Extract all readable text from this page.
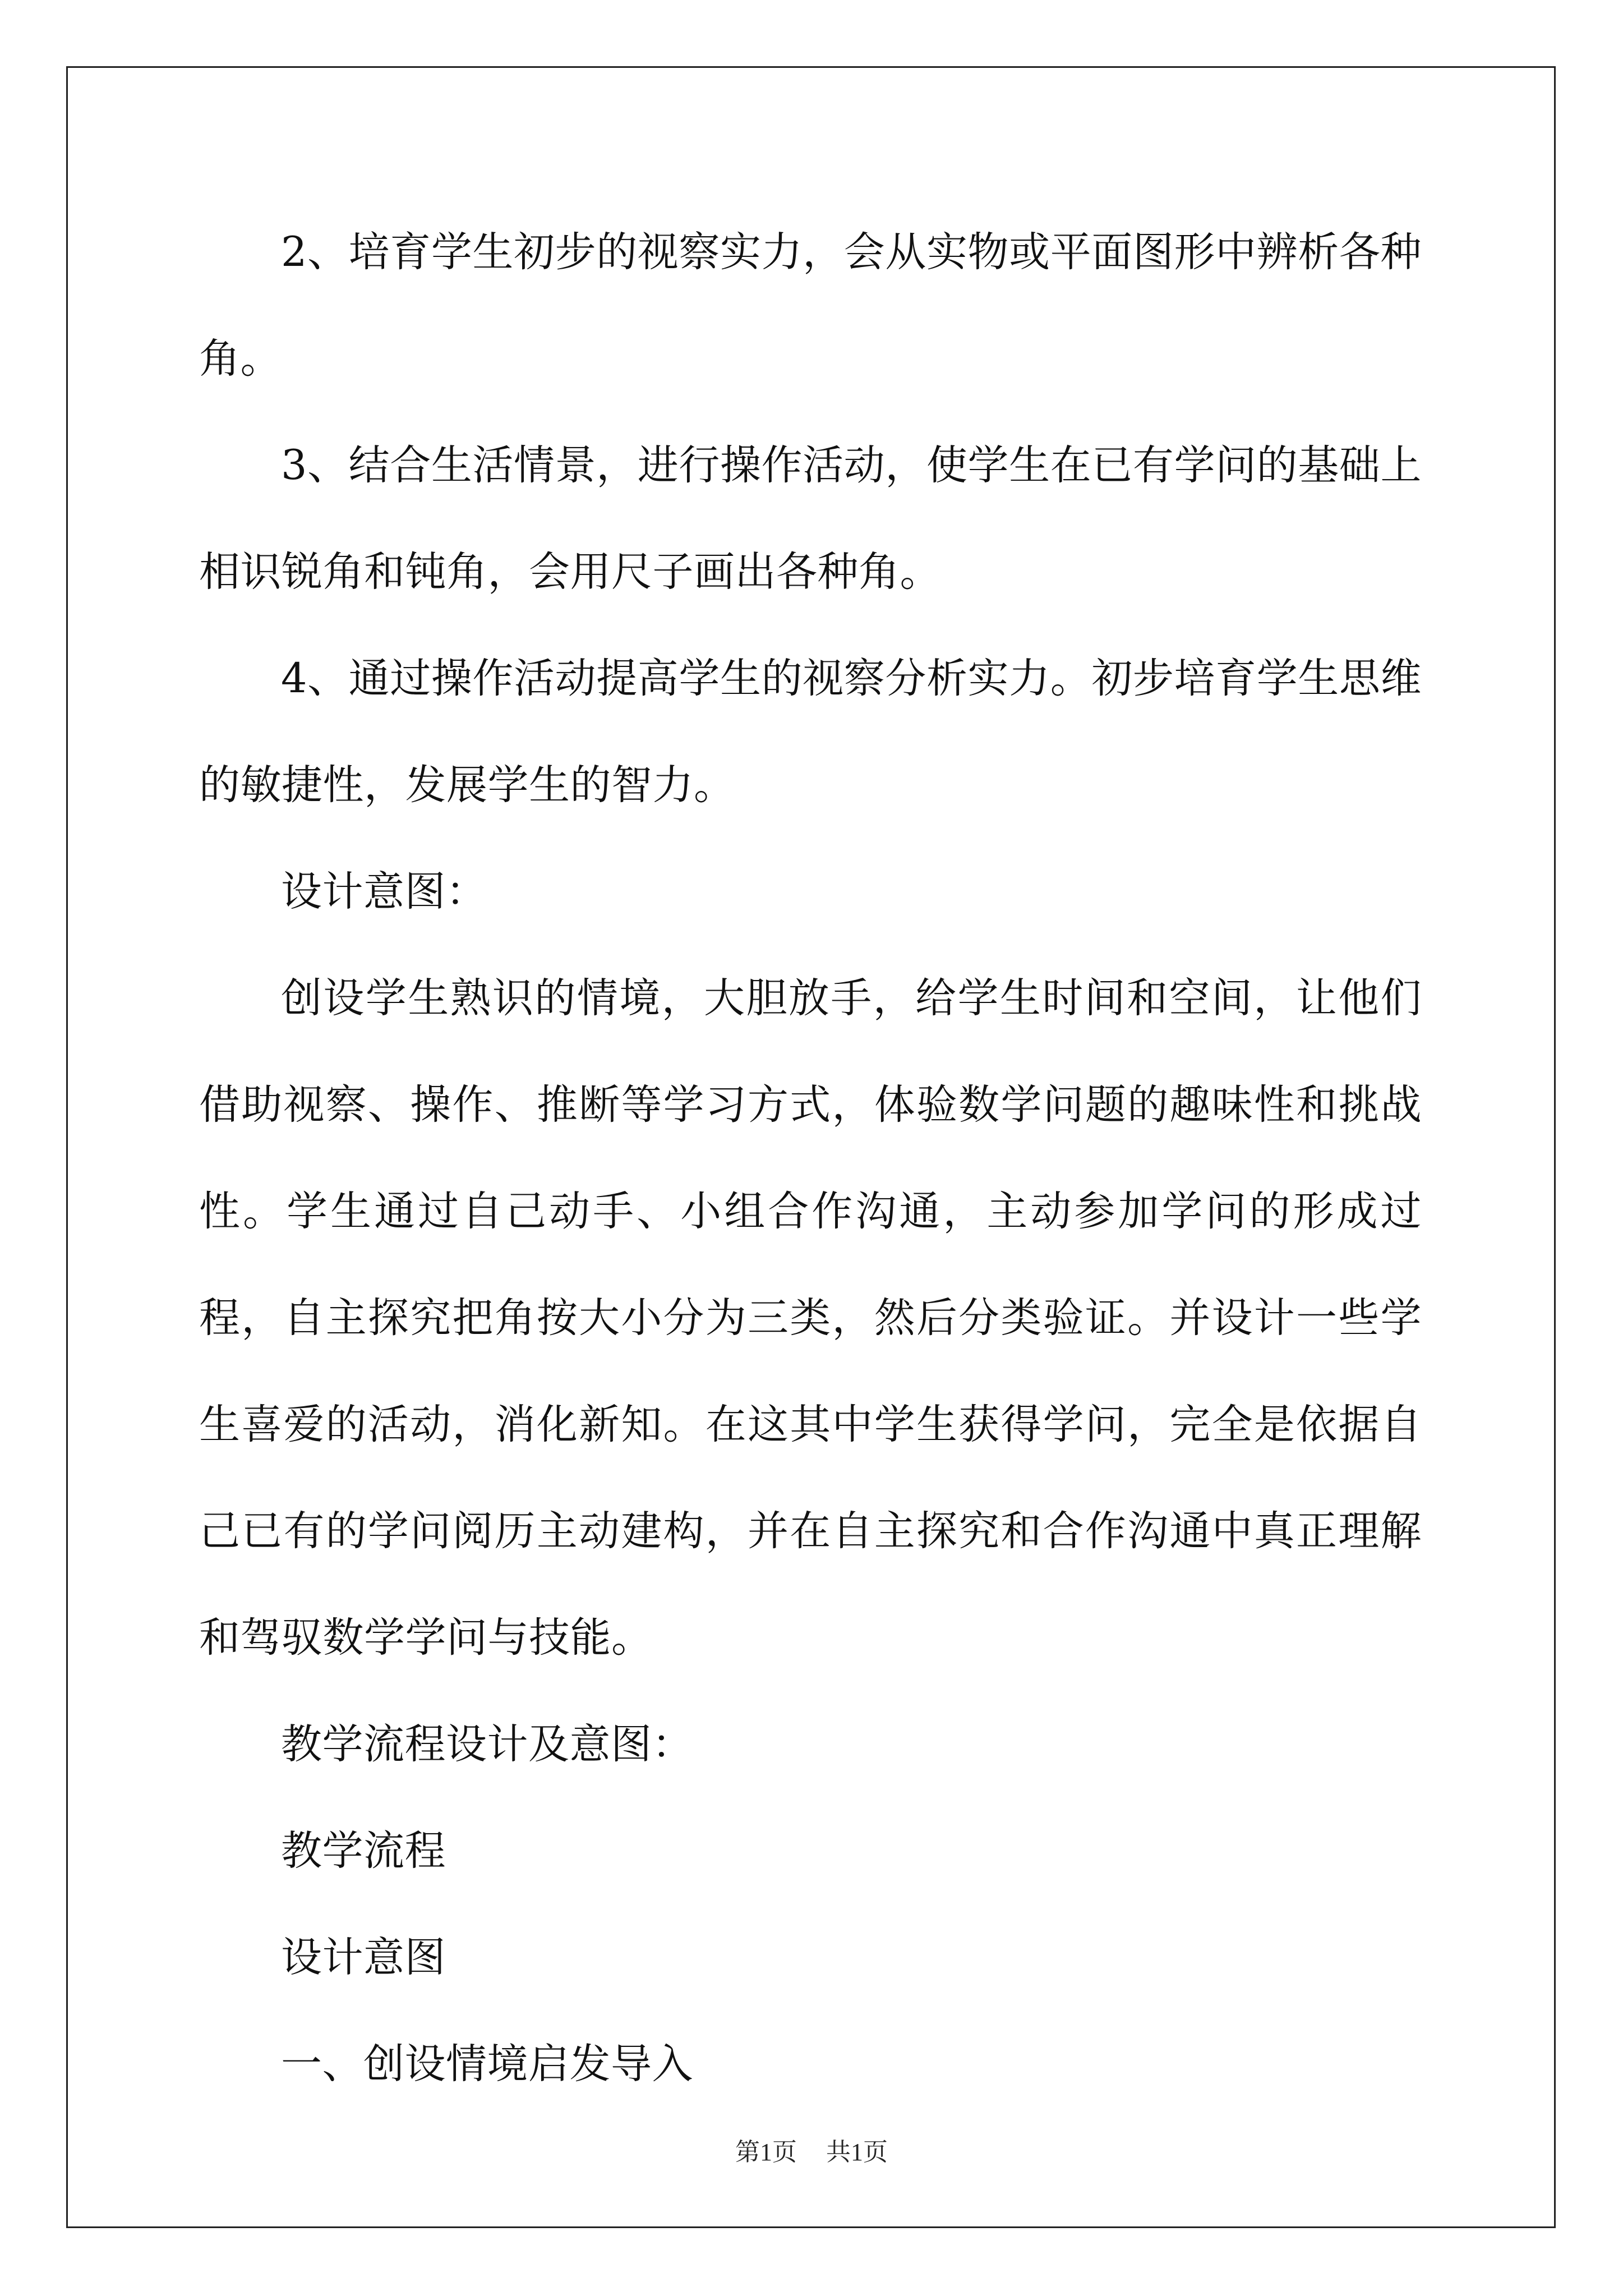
2、培育学生初步的视察实力，会从实物或平面图形中辨析各种角。

3、结合生活情景，进行操作活动，使学生在已有学问的基础上相识锐角和钝角，会用尺子画出各种角。

4、通过操作活动提高学生的视察分析实力。初步培育学生思维的敏捷性，发展学生的智力。

设计意图：

创设学生熟识的情境，大胆放手，给学生时间和空间，让他们借助视察、操作、推断等学习方式，体验数学问题的趣味性和挑战性。学生通过自己动手、小组合作沟通，主动参加学问的形成过程，自主探究把角按大小分为三类，然后分类验证。并设计一些学生喜爱的活动，消化新知。在这其中学生获得学问，完全是依据自己已有的学问阅历主动建构，并在自主探究和合作沟通中真正理解和驾驭数学学问与技能。

教学流程设计及意图：

教学流程

设计意图

一、创设情境启发导入

第1页 共1页
